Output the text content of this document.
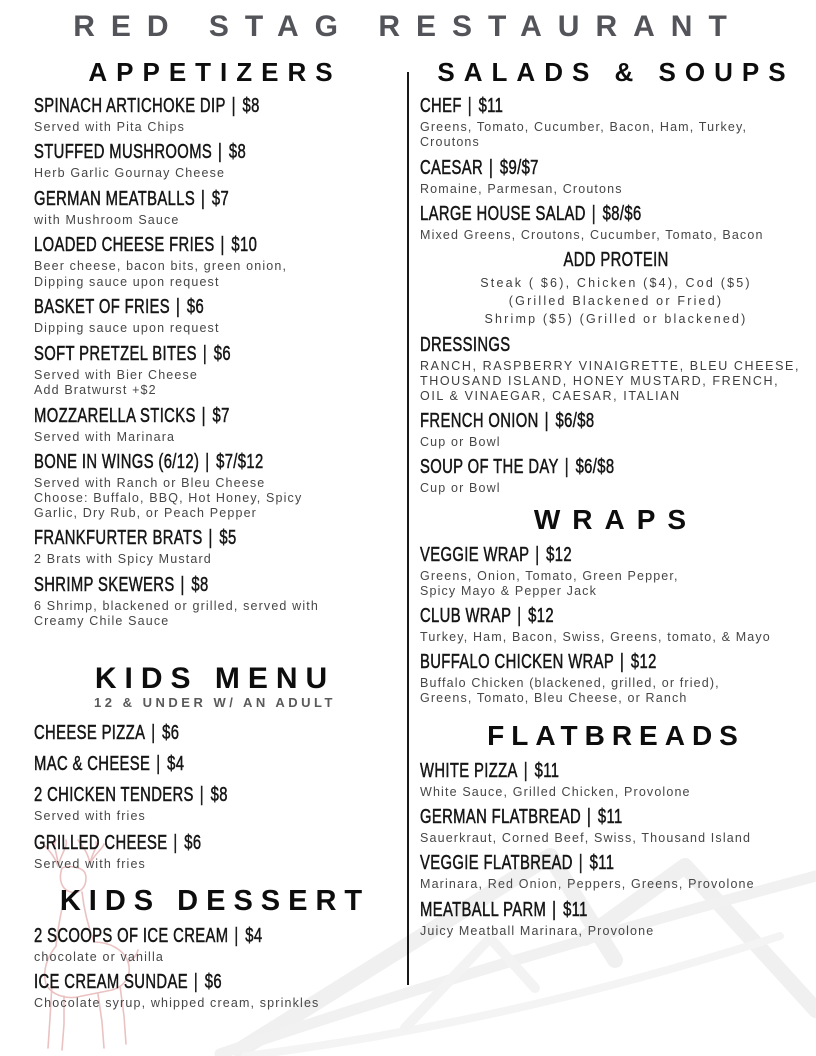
RED STAG RESTAURANT
APPETIZERS
SPINACH ARTICHOKE DIP | $8
Served with Pita Chips
STUFFED MUSHROOMS | $8
Herb Garlic Gournay Cheese
GERMAN MEATBALLS | $7
with Mushroom Sauce
LOADED CHEESE FRIES | $10
Beer cheese, bacon bits, green onion,
Dipping sauce upon request
BASKET OF FRIES | $6
Dipping sauce upon request
SOFT PRETZEL BITES | $6
Served with Bier Cheese
Add Bratwurst +$2
MOZZARELLA STICKS | $7
Served with Marinara
BONE IN WINGS (6/12) | $7/$12
Served with Ranch or Bleu Cheese
Choose: Buffalo, BBQ, Hot Honey, Spicy
Garlic, Dry Rub, or Peach Pepper
FRANKFURTER BRATS | $5
2 Brats with Spicy Mustard
SHRIMP SKEWERS | $8
6 Shrimp, blackened or grilled, served with
Creamy Chile Sauce
KIDS MENU
12 & UNDER W/ AN ADULT
CHEESE PIZZA | $6
MAC & CHEESE | $4
2 CHICKEN TENDERS | $8
Served with fries
GRILLED CHEESE | $6
Served with fries
KIDS DESSERT
2 SCOOPS OF ICE CREAM | $4
chocolate or vanilla
ICE CREAM SUNDAE | $6
Chocolate syrup, whipped cream, sprinkles
SALADS & SOUPS
CHEF | $11
Greens, Tomato, Cucumber, Bacon, Ham, Turkey,
Croutons
CAESAR | $9/$7
Romaine, Parmesan, Croutons
LARGE HOUSE SALAD | $8/$6
Mixed Greens, Croutons, Cucumber, Tomato, Bacon
ADD PROTEIN
Steak ( $6), Chicken ($4), Cod ($5)
(Grilled Blackened or Fried)
Shrimp ($5) (Grilled or blackened)
DRESSINGS
RANCH, RASPBERRY VINAIGRETTE, BLEU CHEESE,
THOUSAND ISLAND, HONEY MUSTARD, FRENCH,
OIL & VINAEGAR, CAESAR, ITALIAN
FRENCH ONION | $6/$8
Cup or Bowl
SOUP OF THE DAY | $6/$8
Cup or Bowl
WRAPS
VEGGIE WRAP | $12
Greens, Onion, Tomato, Green Pepper,
Spicy Mayo & Pepper Jack
CLUB WRAP | $12
Turkey, Ham, Bacon, Swiss, Greens, tomato, & Mayo
BUFFALO CHICKEN WRAP | $12
Buffalo Chicken (blackened, grilled, or fried),
Greens, Tomato, Bleu Cheese, or Ranch
FLATBREADS
WHITE PIZZA | $11
White Sauce, Grilled Chicken, Provolone
GERMAN FLATBREAD | $11
Sauerkraut, Corned Beef, Swiss, Thousand Island
VEGGIE FLATBREAD | $11
Marinara, Red Onion, Peppers, Greens, Provolone
MEATBALL PARM | $11
Juicy Meatball Marinara, Provolone
